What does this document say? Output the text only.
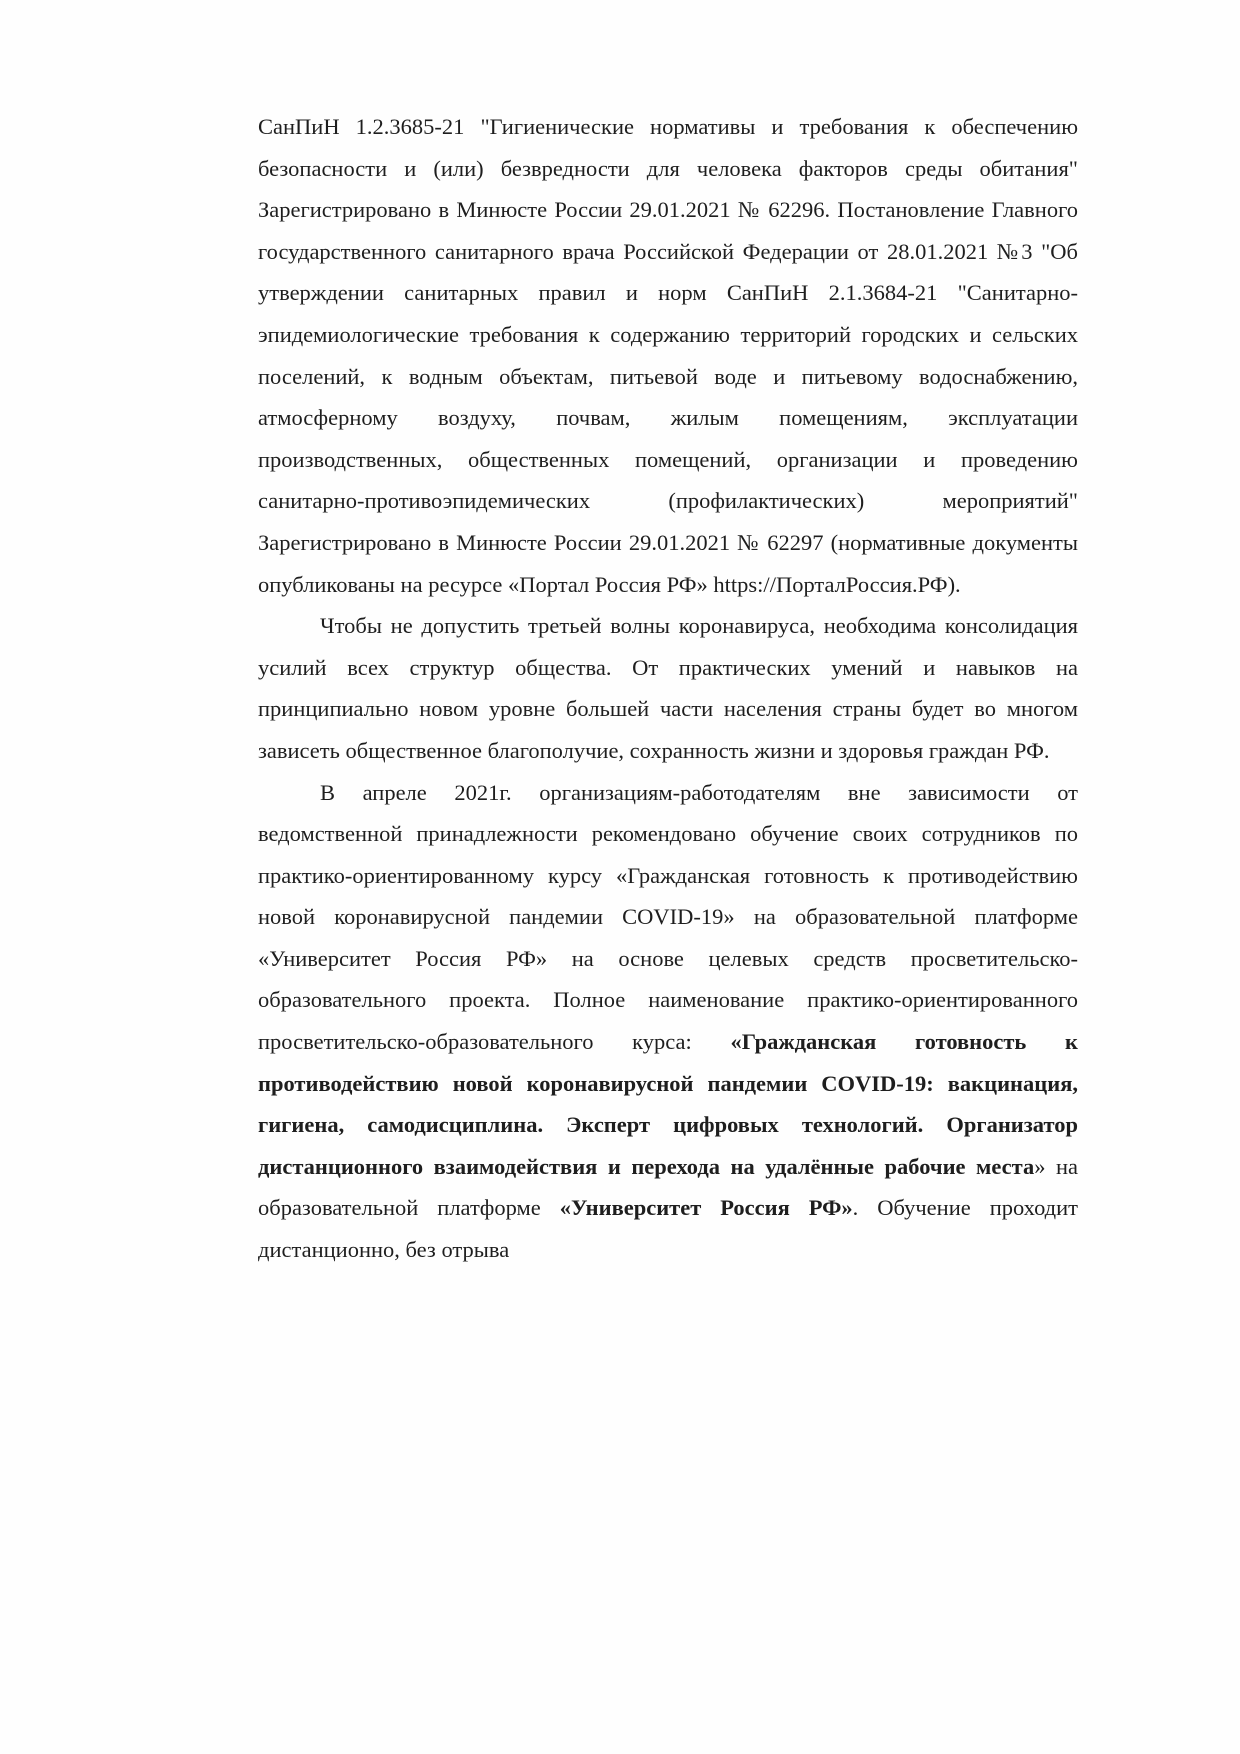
СанПиН 1.2.3685-21 "Гигиенические нормативы и требования к обеспечению безопасности и (или) безвредности для человека факторов среды обитания" Зарегистрировано в Минюсте России 29.01.2021 № 62296. Постановление Главного государственного санитарного врача Российской Федерации от 28.01.2021 №3 "Об утверждении санитарных правил и норм СанПиН 2.1.3684-21 "Санитарно-эпидемиологические требования к содержанию территорий городских и сельских поселений, к водным объектам, питьевой воде и питьевому водоснабжению, атмосферному воздуху, почвам, жилым помещениям, эксплуатации производственных, общественных помещений, организации и проведению санитарно-противоэпидемических (профилактических) мероприятий" Зарегистрировано в Минюсте России 29.01.2021 № 62297 (нормативные документы опубликованы на ресурсе «Портал Россия РФ» https://ПорталРоссия.РФ).

Чтобы не допустить третьей волны коронавируса, необходима консолидация усилий всех структур общества. От практических умений и навыков на принципиально новом уровне большей части населения страны будет во многом зависеть общественное благополучие, сохранность жизни и здоровья граждан РФ.

В апреле 2021г. организациям-работодателям вне зависимости от ведомственной принадлежности рекомендовано обучение своих сотрудников по практико-ориентированному курсу «Гражданская готовность к противодействию новой коронавирусной пандемии COVID-19» на образовательной платформе «Университет Россия РФ» на основе целевых средств просветительско-образовательного проекта. Полное наименование практико-ориентированного просветительско-образовательного курса: «Гражданская готовность к противодействию новой коронавирусной пандемии COVID-19: вакцинация, гигиена, самодисциплина. Эксперт цифровых технологий. Организатор дистанционного взаимодействия и перехода на удалённые рабочие места» на образовательной платформе «Университет Россия РФ». Обучение проходит дистанционно, без отрыва
